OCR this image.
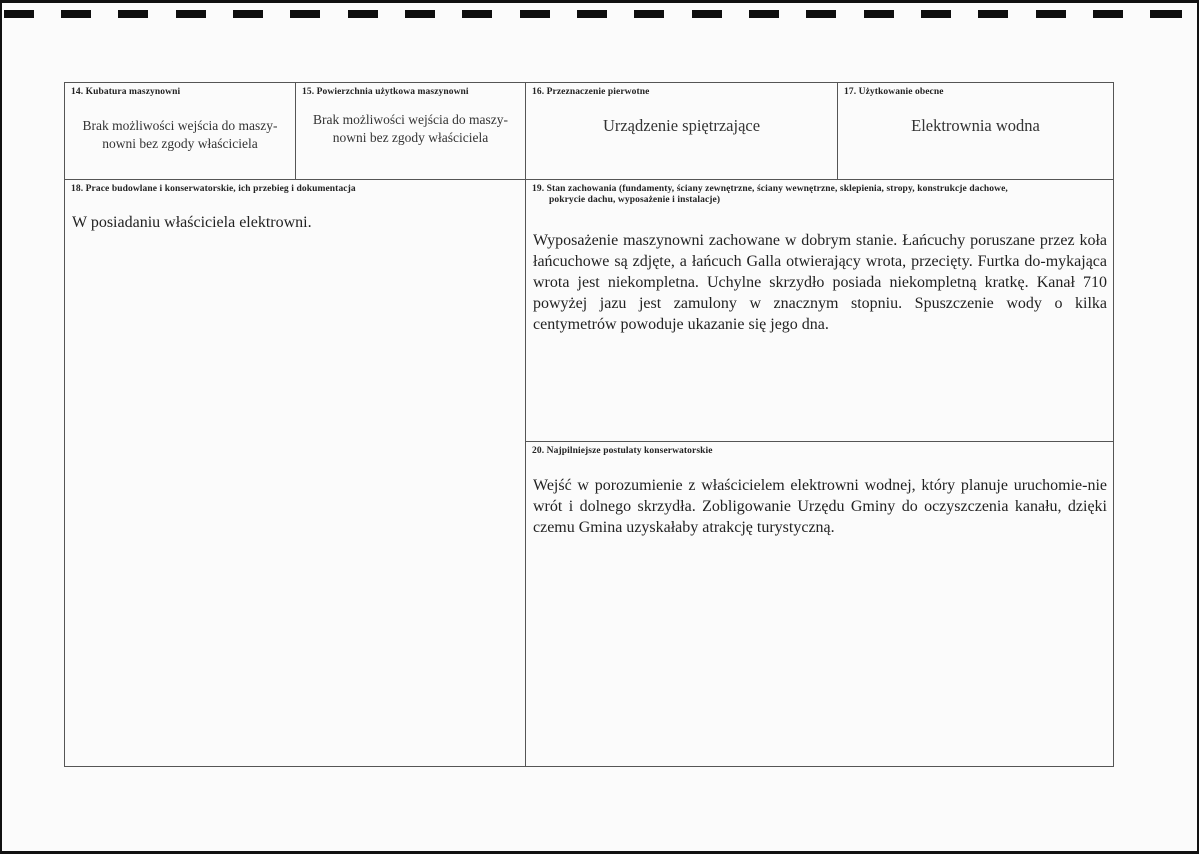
14. Kubatura maszynowni
Brak możliwości wejścia do maszy-
nowni bez zgody właściciela
15. Powierzchnia użytkowa maszynowni
Brak możliwości wejścia do maszy-
nowni bez zgody właściciela
16. Przeznaczenie pierwotne
Urządzenie spiętrzające
17. Użytkowanie obecne
Elektrownia wodna
18. Prace budowlane i konserwatorskie, ich przebieg i dokumentacja
W posiadaniu właściciela elektrowni.
19. Stan zachowania (fundamenty, ściany zewnętrzne, ściany wewnętrzne, sklepienia, stropy, konstrukcje dachowe,
pokrycie dachu, wyposażenie i instalacje)
Wyposażenie maszynowni zachowane w dobrym stanie. Łańcuchy poruszane przez koła łańcuchowe są zdjęte, a łańcuch Galla otwierający wrota, przecięty. Furtka do-mykająca wrota jest niekompletna. Uchylne skrzydło posiada niekompletną kratkę. Kanał 710 powyżej jazu jest zamulony w znacznym stopniu. Spuszczenie wody o kilka centymetrów powoduje ukazanie się jego dna.
20. Najpilniejsze postulaty konserwatorskie
Wejść w porozumienie z właścicielem elektrowni wodnej, który planuje uruchomie-nie wrót i dolnego skrzydła. Zobligowanie Urzędu Gminy do oczyszczenia kanału, dzięki czemu Gmina uzyskałaby atrakcję turystyczną.
